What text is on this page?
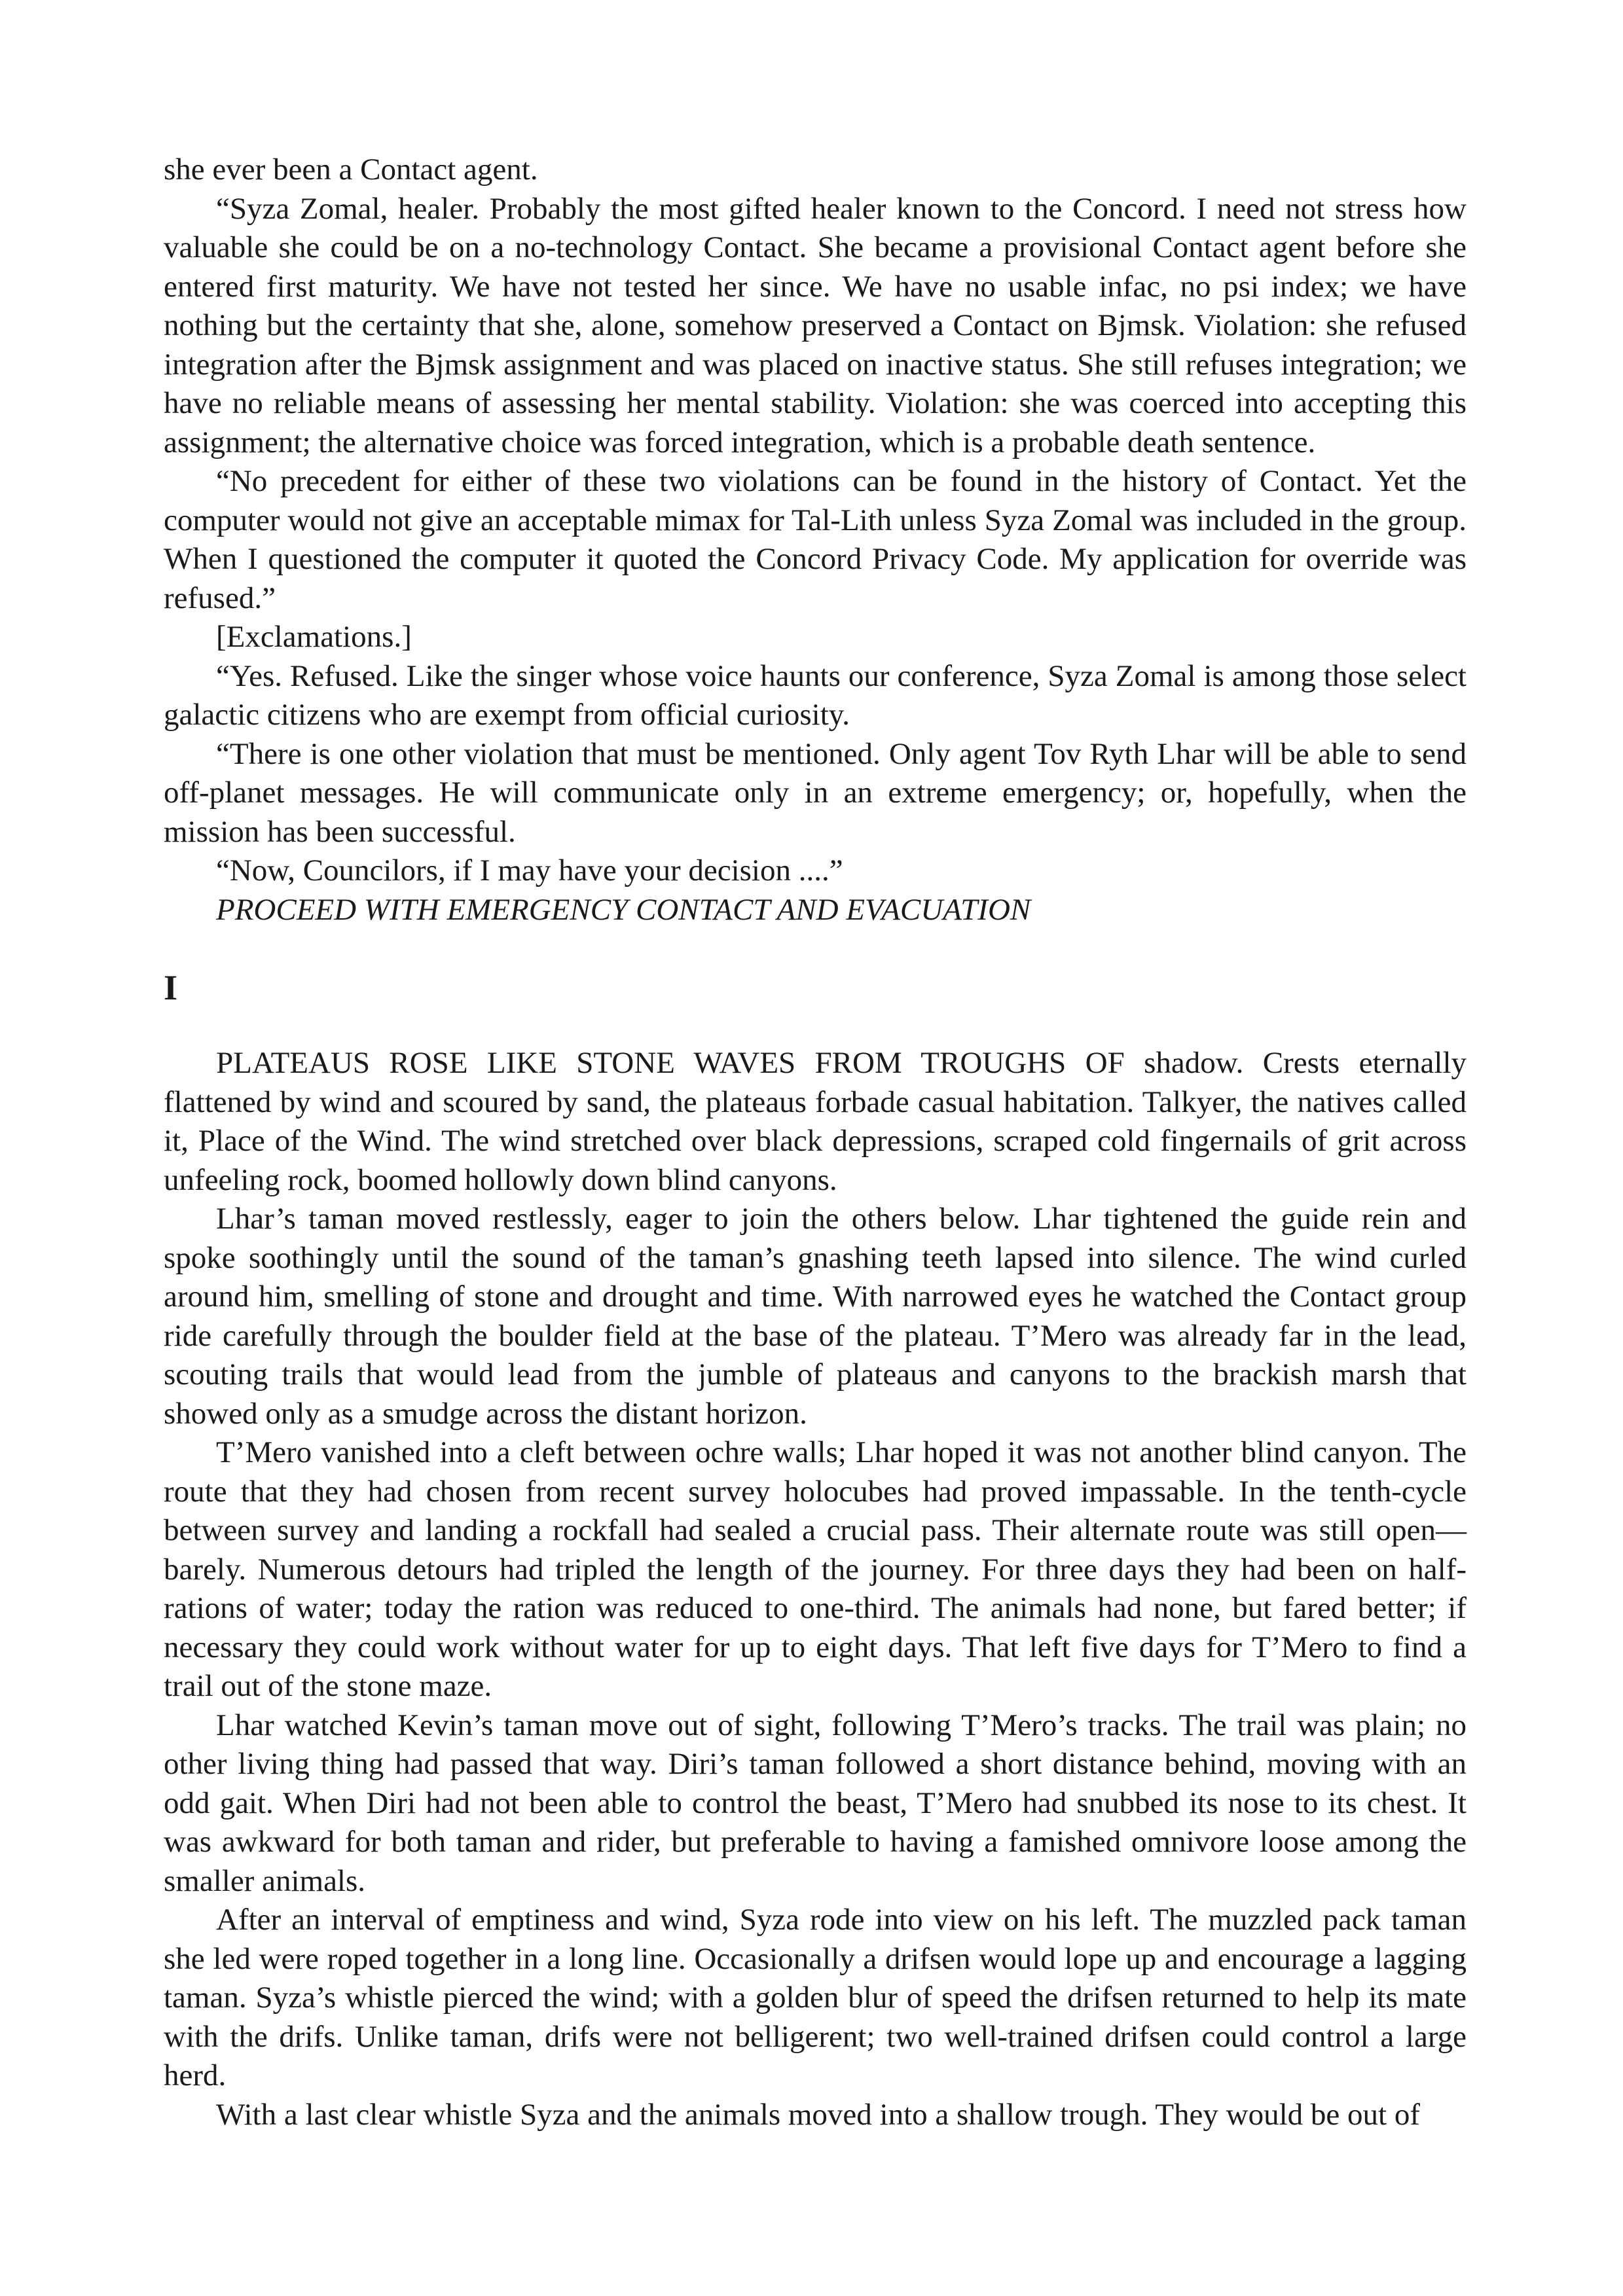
she ever been a Contact agent.

“Syza Zomal, healer. Probably the most gifted healer known to the Concord. I need not stress how valuable she could be on a no-technology Contact. She became a provisional Contact agent before she entered first maturity. We have not tested her since. We have no usable infac, no psi index; we have nothing but the certainty that she, alone, somehow preserved a Contact on Bjmsk. Violation: she refused integration after the Bjmsk assignment and was placed on inactive status. She still refuses integration; we have no reliable means of assessing her mental stability. Violation: she was coerced into accepting this assignment; the alternative choice was forced integration, which is a probable death sentence.

“No precedent for either of these two violations can be found in the history of Contact. Yet the computer would not give an acceptable mimax for Tal-Lith unless Syza Zomal was included in the group. When I questioned the computer it quoted the Concord Privacy Code. My application for override was refused.”

[Exclamations.]

“Yes. Refused. Like the singer whose voice haunts our conference, Syza Zomal is among those select galactic citizens who are exempt from official curiosity.

“There is one other violation that must be mentioned. Only agent Tov Ryth Lhar will be able to send off-planet messages. He will communicate only in an extreme emergency; or, hopefully, when the mission has been successful.

“Now, Councilors, if I may have your decision ....”

PROCEED WITH EMERGENCY CONTACT AND EVACUATION

I

PLATEAUS ROSE LIKE STONE WAVES FROM TROUGHS OF shadow. Crests eternally flattened by wind and scoured by sand, the plateaus forbade casual habitation. Talkyer, the natives called it, Place of the Wind. The wind stretched over black depressions, scraped cold fingernails of grit across unfeeling rock, boomed hollowly down blind canyons.

Lhar’s taman moved restlessly, eager to join the others below. Lhar tightened the guide rein and spoke soothingly until the sound of the taman’s gnashing teeth lapsed into silence. The wind curled around him, smelling of stone and drought and time. With narrowed eyes he watched the Contact group ride carefully through the boulder field at the base of the plateau. T’Mero was already far in the lead, scouting trails that would lead from the jumble of plateaus and canyons to the brackish marsh that showed only as a smudge across the distant horizon.

T’Mero vanished into a cleft between ochre walls; Lhar hoped it was not another blind canyon. The route that they had chosen from recent survey holocubes had proved impassable. In the tenth-cycle between survey and landing a rockfall had sealed a crucial pass. Their alternate route was still open—barely. Numerous detours had tripled the length of the journey. For three days they had been on half-rations of water; today the ration was reduced to one-third. The animals had none, but fared better; if necessary they could work without water for up to eight days. That left five days for T’Mero to find a trail out of the stone maze.

Lhar watched Kevin’s taman move out of sight, following T’Mero’s tracks. The trail was plain; no other living thing had passed that way. Diri’s taman followed a short distance behind, moving with an odd gait. When Diri had not been able to control the beast, T’Mero had snubbed its nose to its chest. It was awkward for both taman and rider, but preferable to having a famished omnivore loose among the smaller animals.

After an interval of emptiness and wind, Syza rode into view on his left. The muzzled pack taman she led were roped together in a long line. Occasionally a drifsen would lope up and encourage a lagging taman. Syza’s whistle pierced the wind; with a golden blur of speed the drifsen returned to help its mate with the drifs. Unlike taman, drifs were not belligerent; two well-trained drifsen could control a large herd.

With a last clear whistle Syza and the animals moved into a shallow trough. They would be out of
